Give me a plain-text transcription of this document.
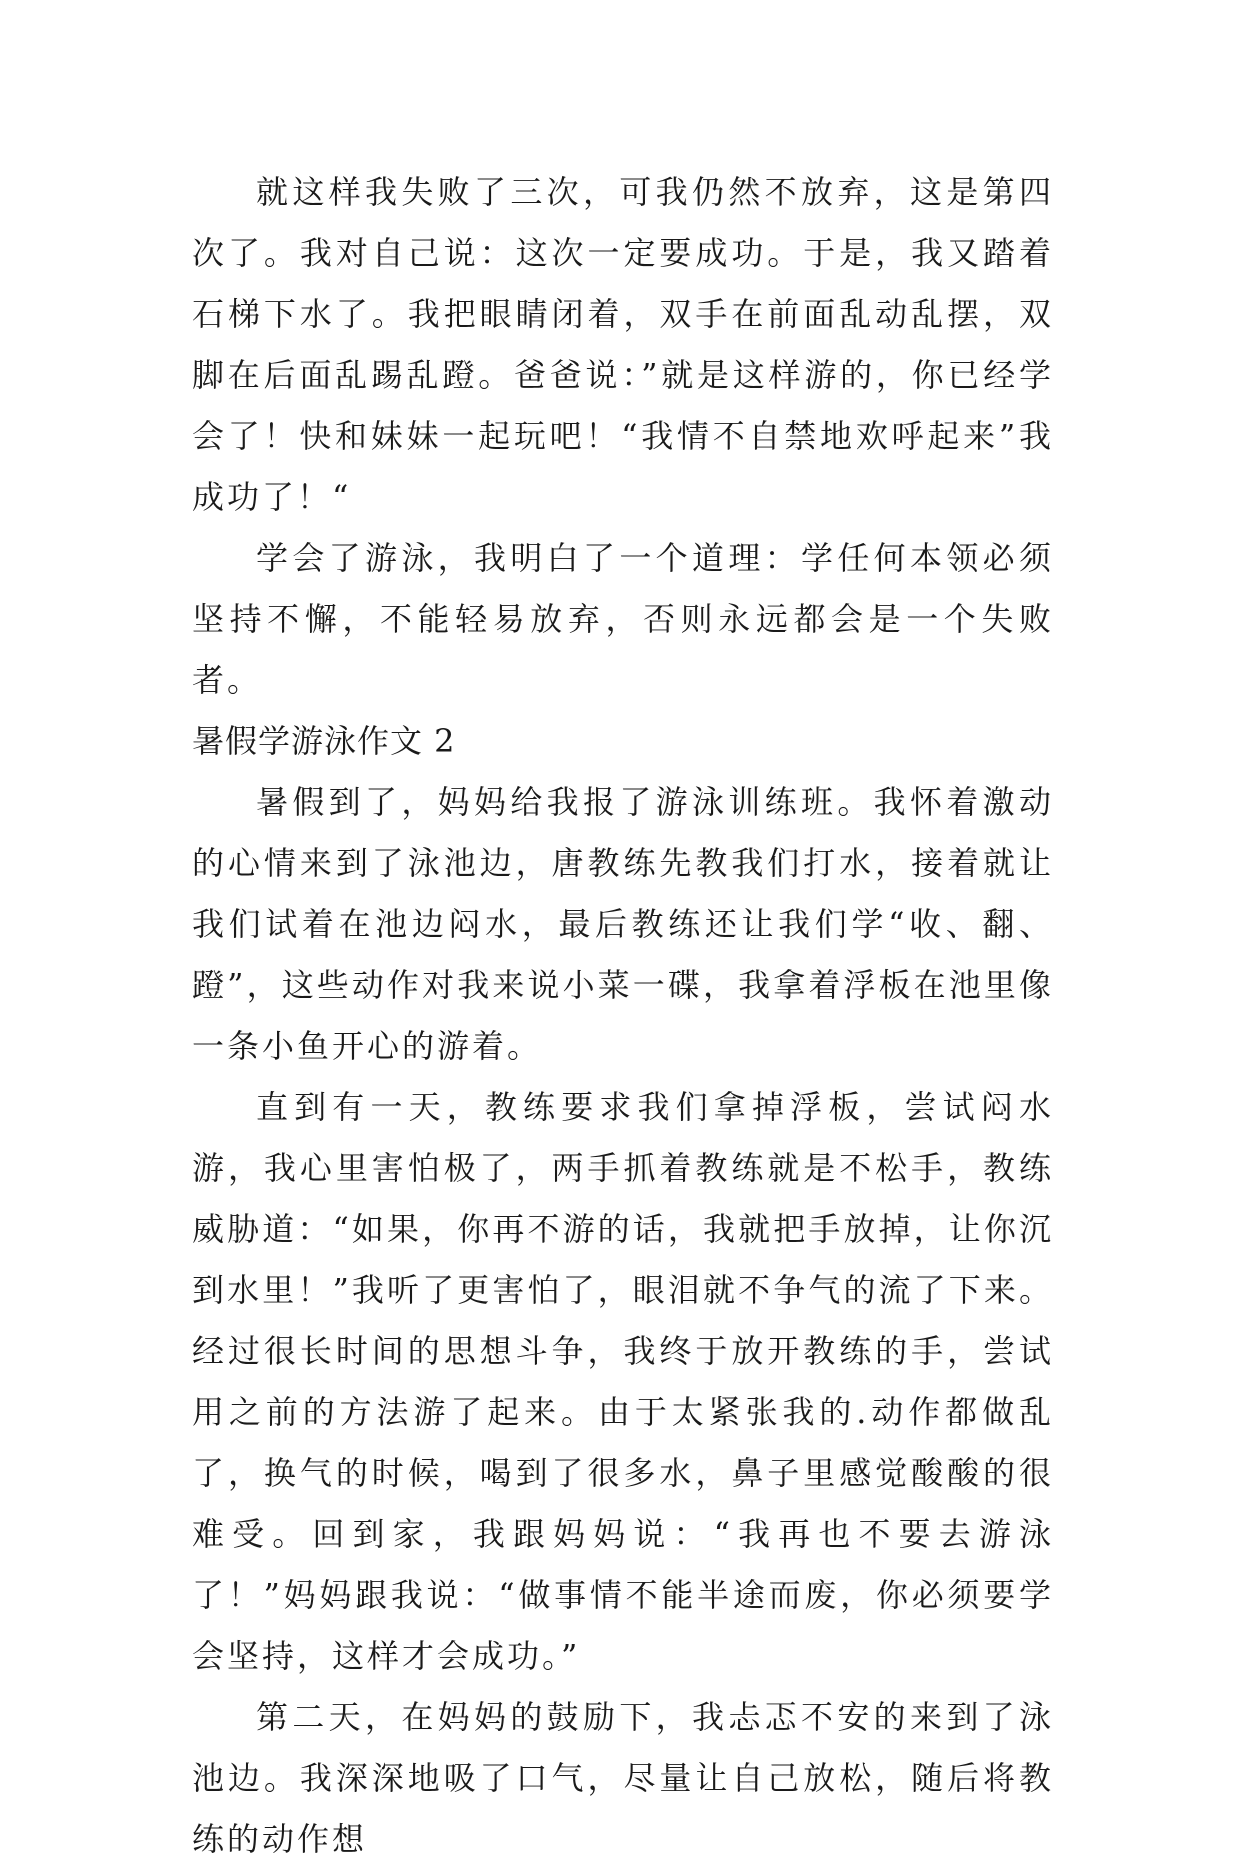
就这样我失败了三次，可我仍然不放弃，这是第四次了。我对自己说：这次一定要成功。于是，我又踏着石梯下水了。我把眼睛闭着，双手在前面乱动乱摆，双脚在后面乱踢乱蹬。爸爸说：”就是这样游的，你已经学会了！快和妹妹一起玩吧！“我情不自禁地欢呼起来”我成功了！“

学会了游泳，我明白了一个道理：学任何本领必须坚持不懈，不能轻易放弃，否则永远都会是一个失败者。

暑假学游泳作文 2

暑假到了，妈妈给我报了游泳训练班。我怀着激动的心情来到了泳池边，唐教练先教我们打水，接着就让我们试着在池边闷水，最后教练还让我们学“收、翻、蹬”，这些动作对我来说小菜一碟，我拿着浮板在池里像一条小鱼开心的游着。

直到有一天，教练要求我们拿掉浮板，尝试闷水游，我心里害怕极了，两手抓着教练就是不松手，教练威胁道：“如果，你再不游的话，我就把手放掉，让你沉到水里！”我听了更害怕了，眼泪就不争气的流了下来。经过很长时间的思想斗争，我终于放开教练的手，尝试用之前的方法游了起来。由于太紧张我的.动作都做乱了，换气的时候，喝到了很多水，鼻子里感觉酸酸的很难受。回到家，我跟妈妈说：“我再也不要去游泳了！”妈妈跟我说：“做事情不能半途而废，你必须要学会坚持，这样才会成功。”

第二天，在妈妈的鼓励下，我忐忑不安的来到了泳池边。我深深地吸了口气，尽量让自己放松，随后将教练的动作想
